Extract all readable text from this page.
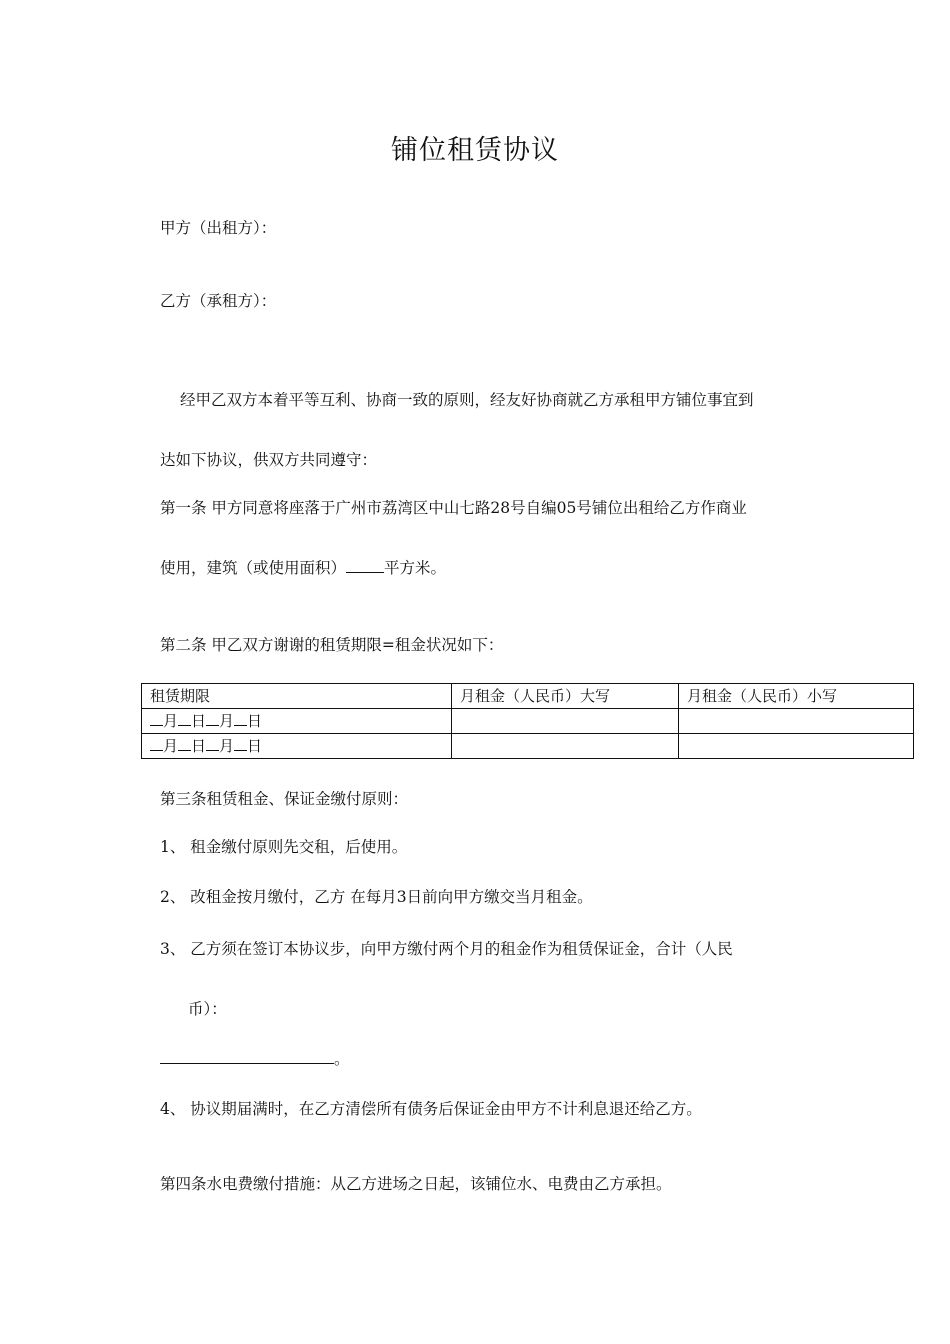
铺位租赁协议
甲方（出租方）：
乙方（承租方）：
经甲乙双方本着平等互利、协商一致的原则，经友好协商就乙方承租甲方铺位事宜到
达如下协议，供双方共同遵守：
第一条 甲方同意将座落于广州市荔湾区中山七路28号自编05号铺位出租给乙方作商业
使用，建筑（或使用面积） 平方米。
第二条 甲乙双方谢谢的租赁期限=租金状况如下：
租赁期限	月租金（人民币）大写	月租金（人民币）小写
月 日 月 日		
月 日 月 日		
第三条租赁租金、保证金缴付原则：
1、 租金缴付原则先交租，后使用。
2、 改租金按月缴付，乙方 在每月3日前向甲方缴交当月租金。
3、 乙方须在签订本协议步，向甲方缴付两个月的租金作为租赁保证金，合计（人民
币）：
。
4、 协议期届满时，在乙方清偿所有债务后保证金由甲方不计利息退还给乙方。
第四条水电费缴付措施：从乙方进场之日起，该铺位水、电费由乙方承担。
